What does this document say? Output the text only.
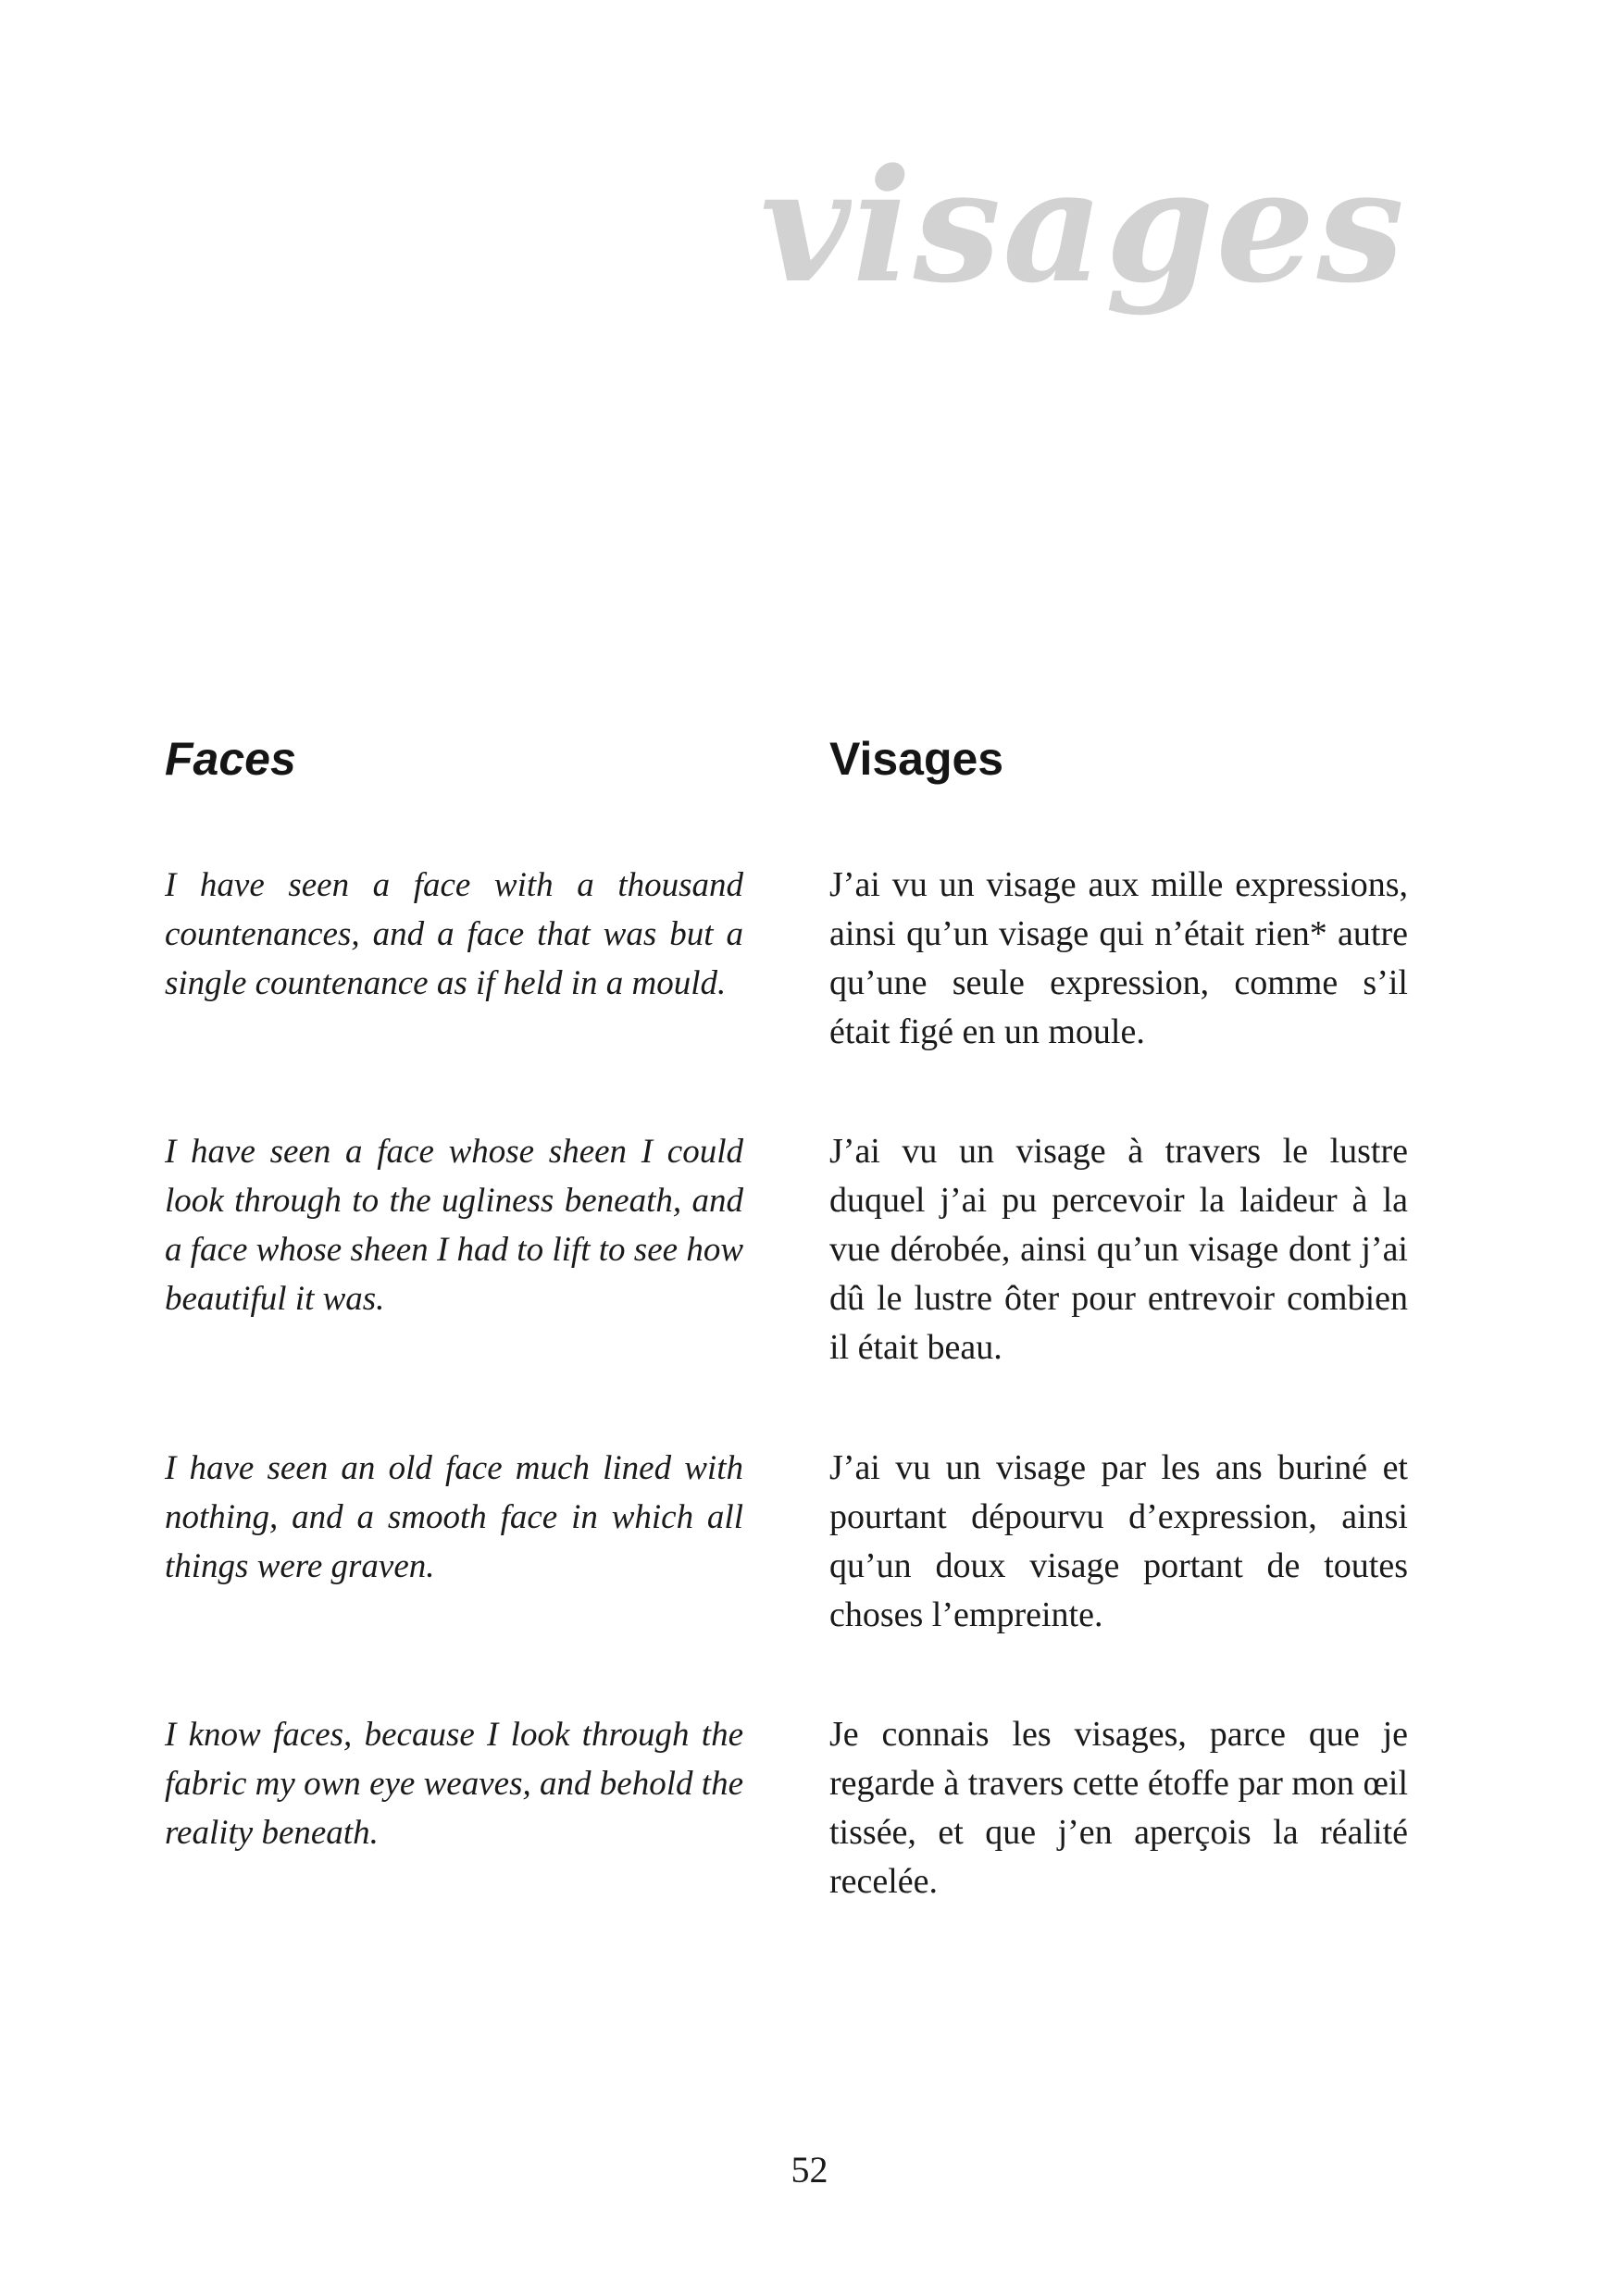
visages
Faces

I have seen a face with a thousand countenances, and a face that was but a single countenance as if held in a mould.

I have seen a face whose sheen I could look through to the ugliness beneath, and a face whose sheen I had to lift to see how beautiful it was.

I have seen an old face much lined with nothing, and a smooth face in which all things were graven.

I know faces, because I look through the fabric my own eye weaves, and behold the reality beneath.

Visages

J’ai vu un visage aux mille expressions, ainsi qu’un visage qui n’était rien* autre qu’une seule expression, comme s’il était figé en un moule.

J’ai vu un visage à travers le lustre duquel j’ai pu percevoir la laideur à la vue dérobée, ainsi qu’un visage dont j’ai dû le lustre ôter pour entrevoir combien il était beau.

J’ai vu un visage par les ans buriné et pourtant dépourvu d’expression, ainsi qu’un doux visage portant de toutes choses l’empreinte.

Je connais les visages, parce que je regarde à travers cette étoffe par mon œil tissée, et que j’en aperçois la réalité recelée.

52
